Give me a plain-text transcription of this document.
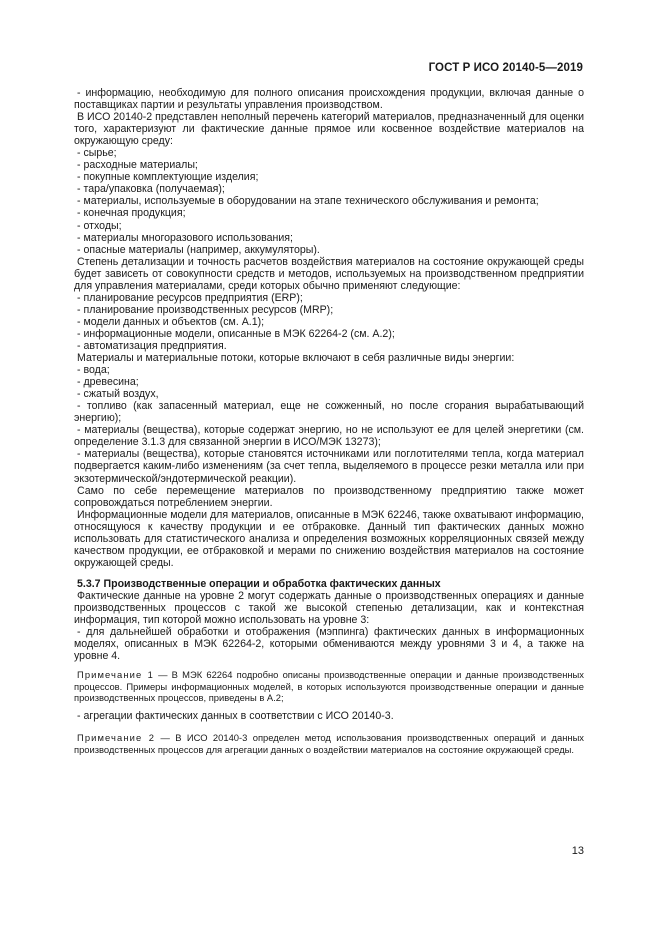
ГОСТ Р ИСО 20140-5—2019

- информацию, необходимую для полного описания происхождения продукции, включая данные о поставщиках партии и результаты управления производством.

В ИСО 20140-2 представлен неполный перечень категорий материалов, предназначенный для оценки того, характеризуют ли фактические данные прямое или косвенное воздействие материалов на окружающую среду:

- сырье;
- расходные материалы;
- покупные комплектующие изделия;
- тара/упаковка (получаемая);
- материалы, используемые в оборудовании на этапе технического обслуживания и ремонта;
- конечная продукция;
- отходы;
- материалы многоразового использования;
- опасные материалы (например, аккумуляторы).

Степень детализации и точность расчетов воздействия материалов на состояние окружающей среды будет зависеть от совокупности средств и методов, используемых на производственном предприятии для управления материалами, среди которых обычно применяют следующие:

- планирование ресурсов предприятия (ERP);
- планирование производственных ресурсов (MRP);
- модели данных и объектов (см. А.1);
- информационные модели, описанные в МЭК 62264-2 (см. А.2);
- автоматизация предприятия.

Материалы и материальные потоки, которые включают в себя различные виды энергии:

- вода;
- древесина;
- сжатый воздух,

- топливо (как запасенный материал, еще не сожженный, но после сгорания вырабатывающий энергию);

- материалы (вещества), которые содержат энергию, но не используют ее для целей энергетики (см. определение 3.1.3 для связанной энергии в ИСО/МЭК 13273);

- материалы (вещества), которые становятся источниками или поглотителями тепла, когда материал подвергается каким-либо изменениям (за счет тепла, выделяемого в процессе резки металла или при экзотермической/эндотермической реакции).

Само по себе перемещение материалов по производственному предприятию также может сопровождаться потреблением энергии.

Информационные модели для материалов, описанные в МЭК 62246, также охватывают информацию, относящуюся к качеству продукции и ее отбраковке. Данный тип фактических данных можно использовать для статистического анализа и определения возможных корреляционных связей между качеством продукции, ее отбраковкой и мерами по снижению воздействия материалов на состояние окружающей среды.

5.3.7 Производственные операции и обработка фактических данных

Фактические данные на уровне 2 могут содержать данные о производственных операциях и данные производственных процессов с такой же высокой степенью детализации, как и контекстная информация, тип которой можно использовать на уровне 3:

- для дальнейшей обработки и отображения (мэппинга) фактических данных в информационных моделях, описанных в МЭК 62264-2, которыми обмениваются между уровнями 3 и 4, а также на уровне 4.

Примечание 1 — В МЭК 62264 подробно описаны производственные операции и данные производственных процессов. Примеры информационных моделей, в которых используются производственные операции и данные производственных процессов, приведены в А.2;

- агрегации фактических данных в соответствии с ИСО 20140-3.

Примечание 2 — В ИСО 20140-3 определен метод использования производственных операций и данных производственных процессов для агрегации данных о воздействии материалов на состояние окружающей среды.

13
